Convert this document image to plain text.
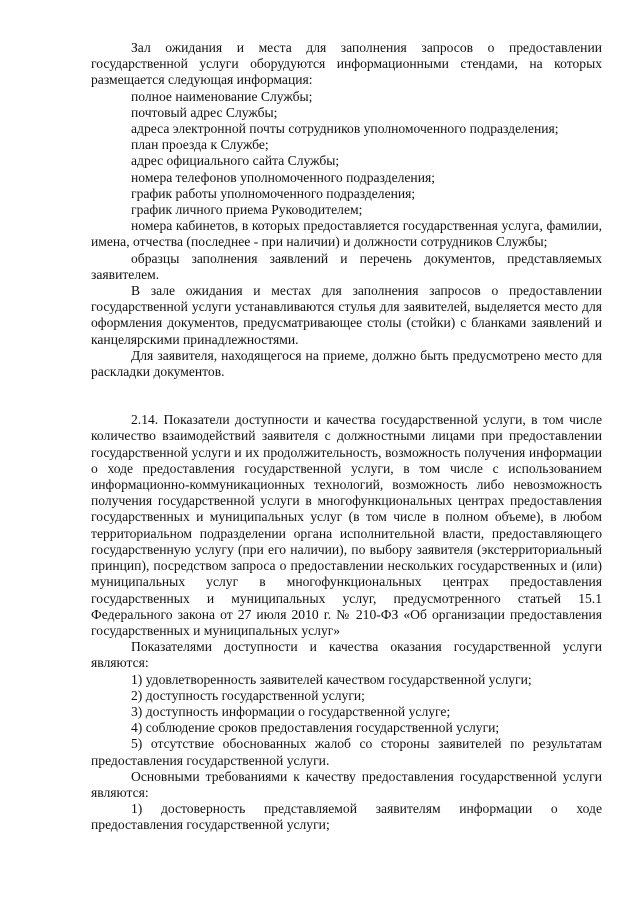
Зал ожидания и места для заполнения запросов о предоставлении государственной услуги оборудуются информационными стендами, на которых размещается следующая информация:

полное наименование Службы;

почтовый адрес Службы;

адреса электронной почты сотрудников уполномоченного подразделения;

план проезда к Службе;

адрес официального сайта Службы;

номера телефонов уполномоченного подразделения;

график работы уполномоченного подразделения;

график личного приема Руководителем;

номера кабинетов, в которых предоставляется государственная услуга, фамилии, имена, отчества (последнее - при наличии) и должности сотрудников Службы;

образцы заполнения заявлений и перечень документов, представляемых заявителем.

В зале ожидания и местах для заполнения запросов о предоставлении государственной услуги устанавливаются стулья для заявителей, выделяется место для оформления документов, предусматривающее столы (стойки) с бланками заявлений и канцелярскими принадлежностями.

Для заявителя, находящегося на приеме, должно быть предусмотрено место для раскладки документов.

2.14. Показатели доступности и качества государственной услуги, в том числе количество взаимодействий заявителя с должностными лицами при предоставлении государственной услуги и их продолжительность, возможность получения информации о ходе предоставления государственной услуги, в том числе с использованием информационно-коммуникационных технологий, возможность либо невозможность получения государственной услуги в многофункциональных центрах предоставления государственных и муниципальных услуг (в том числе в полном объеме), в любом территориальном подразделении органа исполнительной власти, предоставляющего государственную услугу (при его наличии), по выбору заявителя (экстерриториальный принцип), посредством запроса о предоставлении нескольких государственных и (или) муниципальных услуг в многофункциональных центрах предоставления государственных и муниципальных услуг, предусмотренного статьей 15.1 Федерального закона от 27 июля 2010 г. № 210-ФЗ «Об организации предоставления государственных и муниципальных услуг»

Показателями доступности и качества оказания государственной услуги являются:

1) удовлетворенность заявителей качеством государственной услуги;

2) доступность государственной услуги;

3) доступность информации о государственной услуге;

4) соблюдение сроков предоставления государственной услуги;

5) отсутствие обоснованных жалоб со стороны заявителей по результатам предоставления государственной услуги.

Основными требованиями к качеству предоставления государственной услуги являются:

1) достоверность представляемой заявителям информации о ходе предоставления государственной услуги;
